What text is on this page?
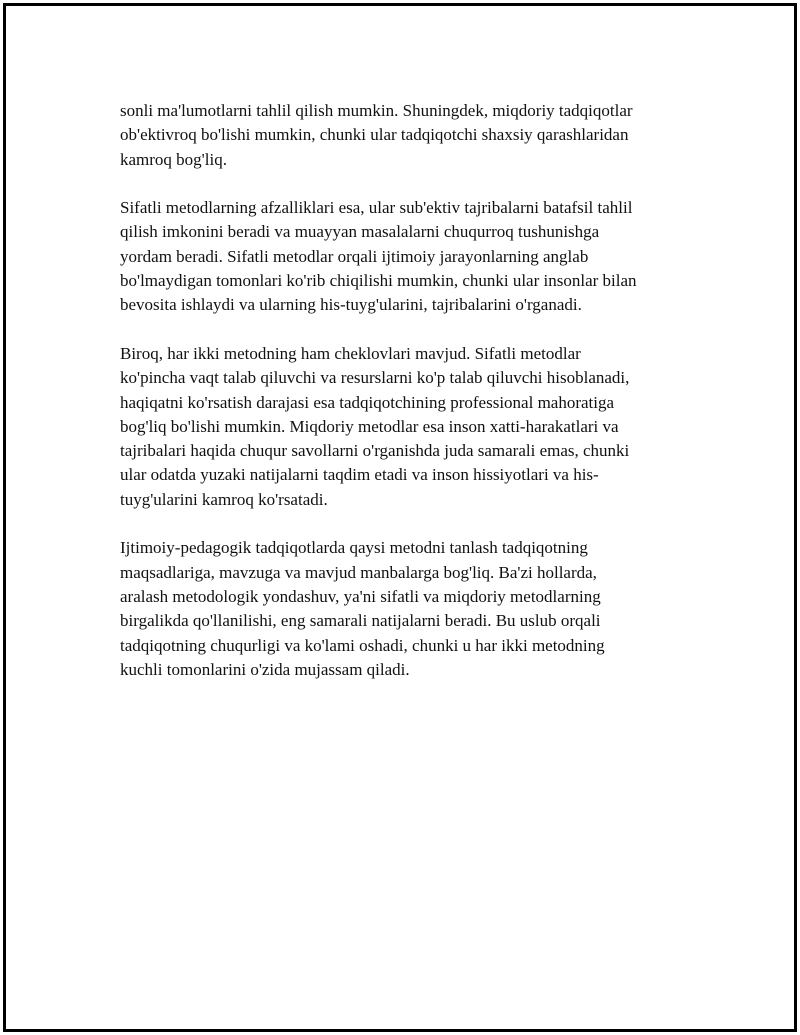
sonli ma'lumotlarni tahlil qilish mumkin. Shuningdek, miqdoriy tadqiqotlar
ob'ektivroq bo'lishi mumkin, chunki ular tadqiqotchi shaxsiy qarashlaridan
kamroq bog'liq.

Sifatli metodlarning afzalliklari esa, ular sub'ektiv tajribalarni batafsil tahlil
qilish imkonini beradi va muayyan masalalarni chuqurroq tushunishga
yordam beradi. Sifatli metodlar orqali ijtimoiy jarayonlarning anglab
bo'lmaydigan tomonlari ko'rib chiqilishi mumkin, chunki ular insonlar bilan
bevosita ishlaydi va ularning his-tuyg'ularini, tajribalarini o'rganadi.

Biroq, har ikki metodning ham cheklovlari mavjud. Sifatli metodlar
ko'pincha vaqt talab qiluvchi va resurslarni ko'p talab qiluvchi hisoblanadi,
haqiqatni ko'rsatish darajasi esa tadqiqotchining professional mahoratiga
bog'liq bo'lishi mumkin. Miqdoriy metodlar esa inson xatti-harakatlari va
tajribalari haqida chuqur savollarni o'rganishda juda samarali emas, chunki
ular odatda yuzaki natijalarni taqdim etadi va inson hissiyotlari va his-
tuyg'ularini kamroq ko'rsatadi.

Ijtimoiy-pedagogik tadqiqotlarda qaysi metodni tanlash tadqiqotning
maqsadlariga, mavzuga va mavjud manbalarga bog'liq. Ba'zi hollarda,
aralash metodologik yondashuv, ya'ni sifatli va miqdoriy metodlarning
birgalikda qo'llanilishi, eng samarali natijalarni beradi. Bu uslub orqali
tadqiqotning chuqurligi va ko'lami oshadi, chunki u har ikki metodning
kuchli tomonlarini o'zida mujassam qiladi.
